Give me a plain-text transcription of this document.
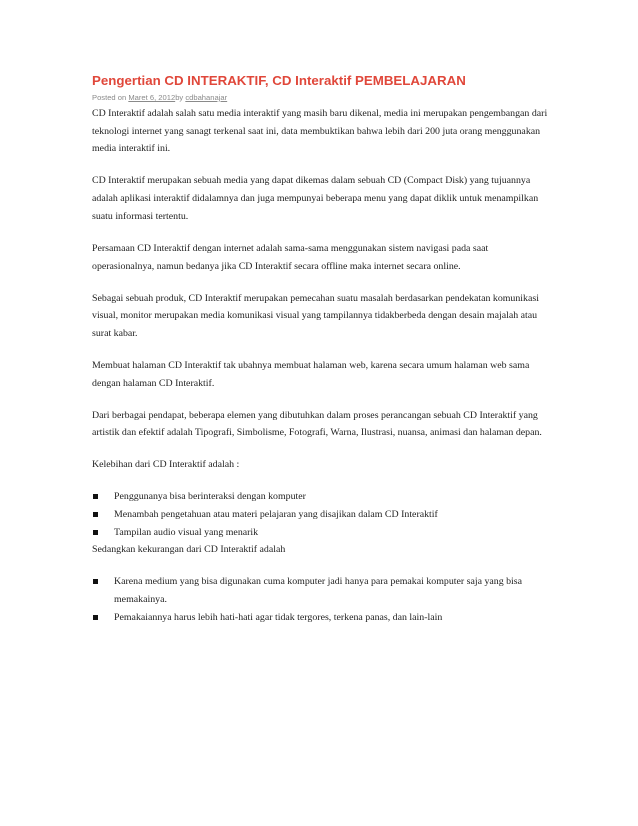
Pengertian CD INTERAKTIF, CD Interaktif PEMBELAJARAN
Posted on Maret 6, 2012by cdbahanajar

CD Interaktif adalah salah satu media interaktif yang masih baru dikenal, media ini merupakan pengembangan dari teknologi internet yang sanagt terkenal saat ini, data membuktikan bahwa lebih dari 200 juta orang menggunakan media interaktif ini.

CD Interaktif merupakan sebuah media yang dapat dikemas dalam sebuah CD (Compact Disk) yang tujuannya adalah aplikasi interaktif didalamnya dan juga mempunyai beberapa menu yang dapat diklik untuk menampilkan suatu informasi tertentu.

Persamaan CD Interaktif dengan internet adalah sama-sama menggunakan sistem navigasi pada saat operasionalnya, namun bedanya jika CD Interaktif secara offline maka internet secara online.

Sebagai sebuah produk, CD Interaktif merupakan pemecahan suatu masalah berdasarkan pendekatan komunikasi visual, monitor merupakan media komunikasi visual yang tampilannya tidakberbeda dengan desain majalah atau surat kabar.

Membuat halaman CD Interaktif tak ubahnya membuat halaman web, karena secara umum halaman web sama dengan halaman CD Interaktif.

Dari berbagai pendapat, beberapa elemen yang dibutuhkan dalam proses perancangan sebuah CD Interaktif yang artistik dan efektif adalah Tipografi, Simbolisme, Fotografi, Warna, Ilustrasi, nuansa, animasi dan halaman depan.

Kelebihan dari CD Interaktif adalah :

Penggunanya bisa berinteraksi dengan komputer
Menambah pengetahuan atau materi pelajaran yang disajikan dalam CD Interaktif
Tampilan audio visual yang menarik

Sedangkan kekurangan dari CD Interaktif adalah

Karena medium yang bisa digunakan cuma komputer jadi hanya para pemakai komputer saja yang bisa memakainya.
Pemakaiannya harus lebih hati-hati agar tidak tergores, terkena panas, dan lain-lain
